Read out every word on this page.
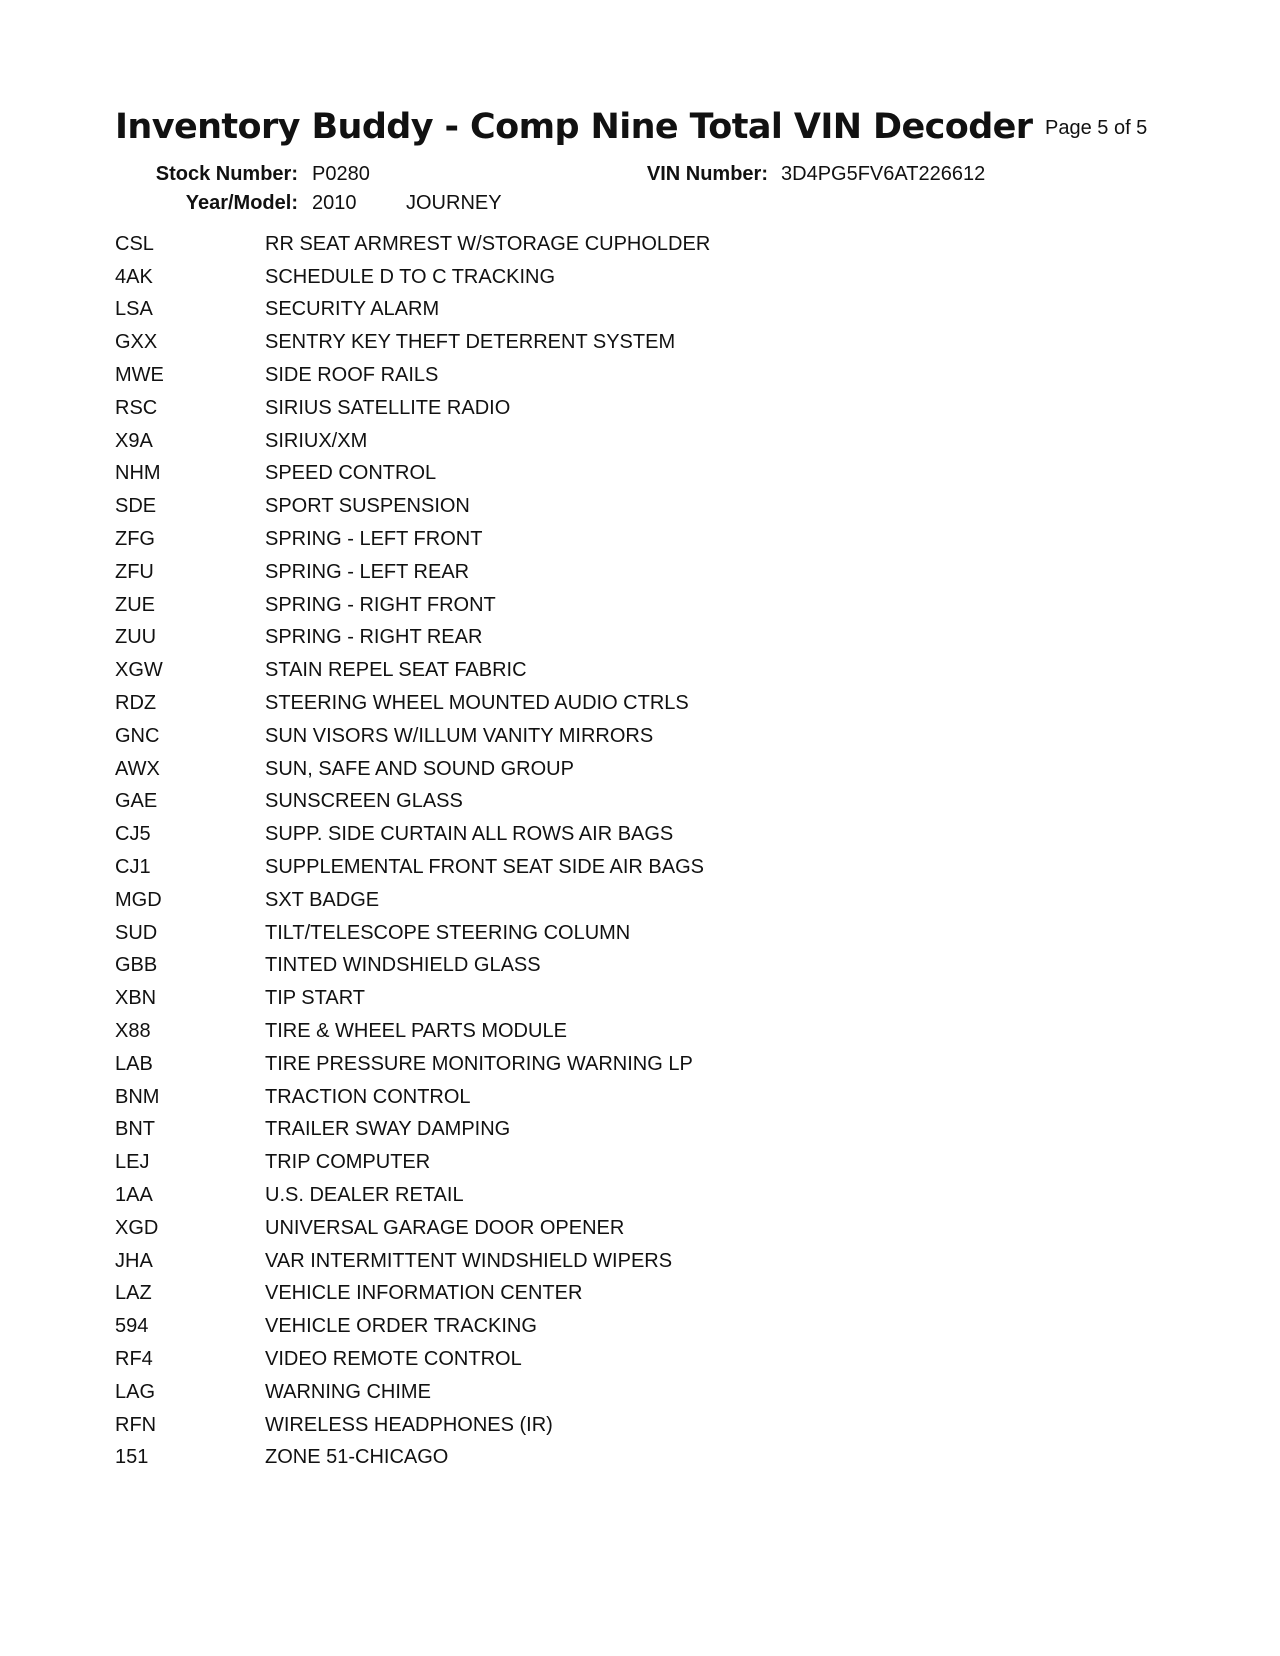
Inventory Buddy - Comp Nine Total VIN Decoder Page 5 of 5
Stock Number: P0280	VIN Number: 3D4PG5FV6AT226612
Year/Model: 2010 JOURNEY
CSL	RR SEAT ARMREST W/STORAGE CUPHOLDER
4AK	SCHEDULE D TO C TRACKING
LSA	SECURITY ALARM
GXX	SENTRY KEY THEFT DETERRENT SYSTEM
MWE	SIDE ROOF RAILS
RSC	SIRIUS SATELLITE RADIO
X9A	SIRIUX/XM
NHM	SPEED CONTROL
SDE	SPORT SUSPENSION
ZFG	SPRING - LEFT FRONT
ZFU	SPRING - LEFT REAR
ZUE	SPRING - RIGHT FRONT
ZUU	SPRING - RIGHT REAR
XGW	STAIN REPEL SEAT FABRIC
RDZ	STEERING WHEEL MOUNTED AUDIO CTRLS
GNC	SUN VISORS W/ILLUM VANITY MIRRORS
AWX	SUN, SAFE AND SOUND GROUP
GAE	SUNSCREEN GLASS
CJ5	SUPP. SIDE CURTAIN ALL ROWS AIR BAGS
CJ1	SUPPLEMENTAL FRONT SEAT SIDE AIR BAGS
MGD	SXT BADGE
SUD	TILT/TELESCOPE STEERING COLUMN
GBB	TINTED WINDSHIELD GLASS
XBN	TIP START
X88	TIRE & WHEEL PARTS MODULE
LAB	TIRE PRESSURE MONITORING WARNING LP
BNM	TRACTION CONTROL
BNT	TRAILER SWAY DAMPING
LEJ	TRIP COMPUTER
1AA	U.S. DEALER RETAIL
XGD	UNIVERSAL GARAGE DOOR OPENER
JHA	VAR INTERMITTENT WINDSHIELD WIPERS
LAZ	VEHICLE INFORMATION CENTER
594	VEHICLE ORDER TRACKING
RF4	VIDEO REMOTE CONTROL
LAG	WARNING CHIME
RFN	WIRELESS HEADPHONES (IR)
151	ZONE 51-CHICAGO
